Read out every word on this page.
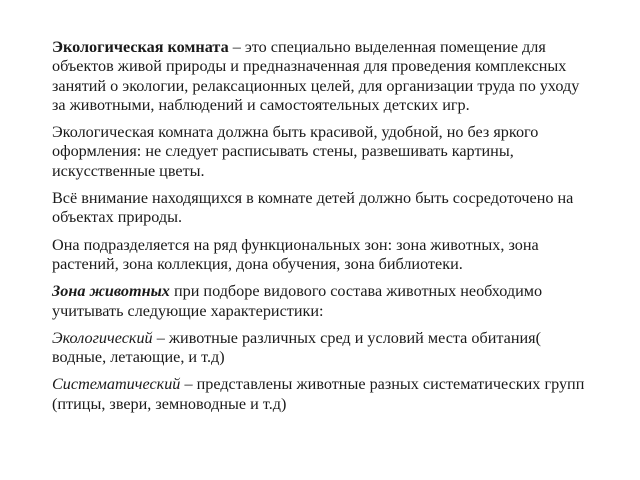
Экологическая комната – это специально выделенная помещение для объектов живой природы и предназначенная для проведения комплексных занятий о экологии, релаксационных целей, для организации труда по уходу за животными, наблюдений и самостоятельных детских игр.

Экологическая комната должна быть красивой, удобной, но без яркого оформления: не следует расписывать стены, развешивать картины, искусственные цветы.

Всё внимание находящихся в комнате детей должно быть сосредоточено на объектах природы.

Она подразделяется на ряд функциональных зон: зона животных, зона растений, зона коллекция, дона обучения, зона библиотеки.

Зона животных при подборе видового состава животных необходимо учитывать следующие характеристики:

Экологический – животные различных сред и условий места обитания( водные, летающие, и т.д)

Систематический – представлены животные разных систематических групп (птицы, звери, земноводные и т.д)
